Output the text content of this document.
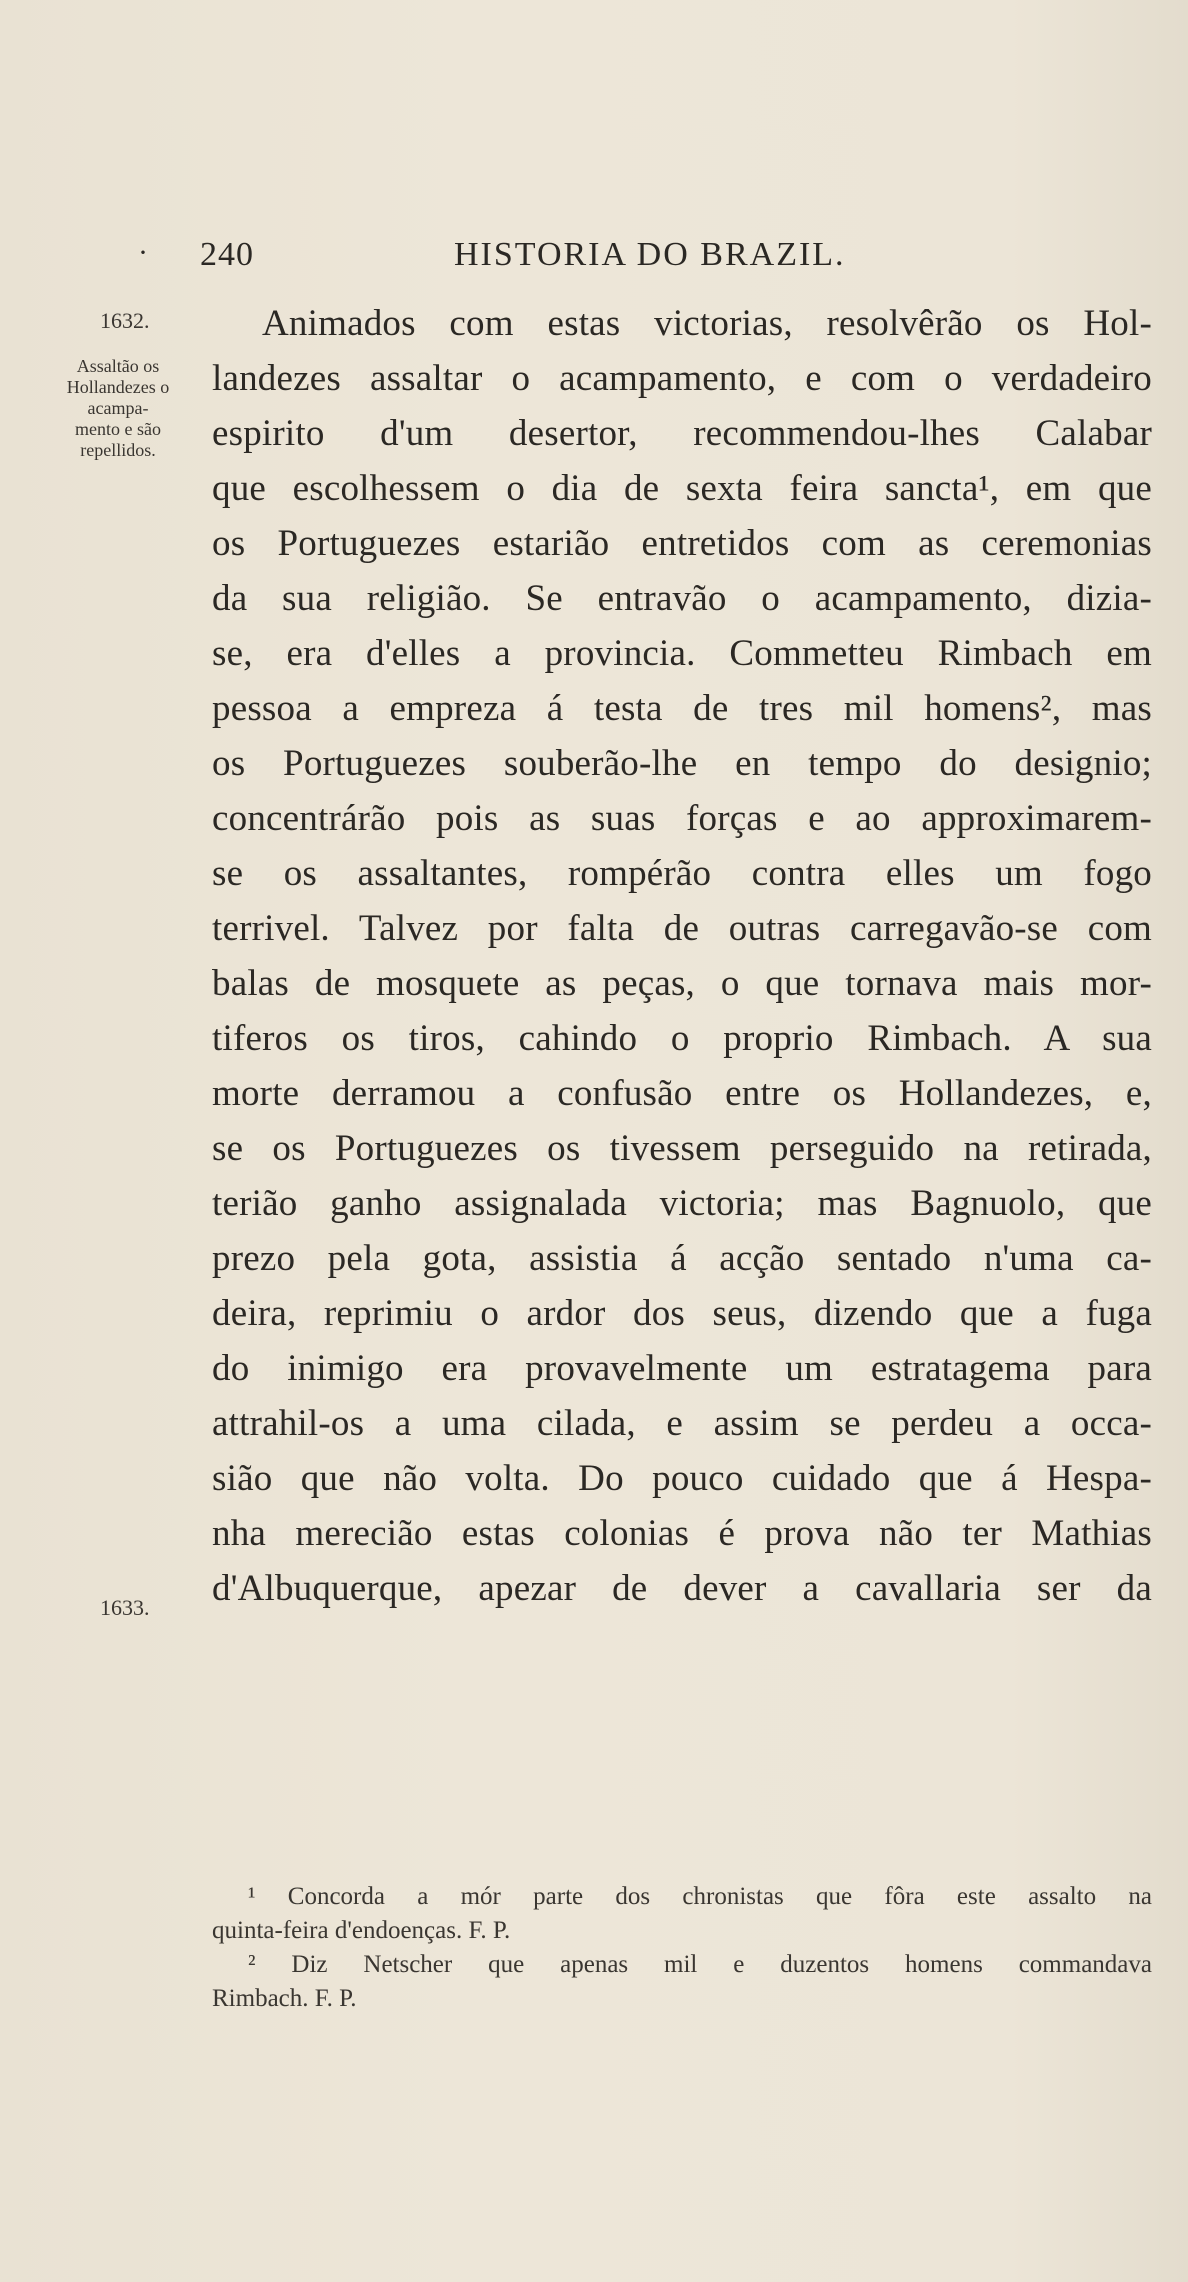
· 240	HISTORIA DO BRAZIL.
1632.
Assaltão os
Hollandezes o
acampa-
mento e são
repellidos.
1633.
Animados com estas victorias, resolvêrão os Hol-
landezes assaltar o acampamento, e com o verdadeiro
espirito d'um desertor, recommendou-lhes Calabar
que escolhessem o dia de sexta feira sancta¹, em que
os Portuguezes estarião entretidos com as ceremonias
da sua religião. Se entravão o acampamento, dizia-
se, era d'elles a provincia. Commetteu Rimbach em
pessoa a empreza á testa de tres mil homens², mas
os Portuguezes souberão-lhe en tempo do designio;
concentrárão pois as suas forças e ao approximarem-
se os assaltantes, rompérão contra elles um fogo
terrivel. Talvez por falta de outras carregavão-se com
balas de mosquete as peças, o que tornava mais mor-
tiferos os tiros, cahindo o proprio Rimbach. A sua
morte derramou a confusão entre os Hollandezes, e,
se os Portuguezes os tivessem perseguido na retirada,
terião ganho assignalada victoria; mas Bagnuolo, que
prezo pela gota, assistia á acção sentado n'uma ca-
deira, reprimiu o ardor dos seus, dizendo que a fuga
do inimigo era provavelmente um estratagema para
attrahil-os a uma cilada, e assim se perdeu a occa-
sião que não volta. Do pouco cuidado que á Hespa-
nha merecião estas colonias é prova não ter Mathias
d'Albuquerque, apezar de dever a cavallaria ser da
¹ Concorda a mór parte dos chronistas que fôra este assalto na
quinta-feira d'endoenças. F. P.
² Diz Netscher que apenas mil e duzentos homens commandava
Rimbach. F. P.
